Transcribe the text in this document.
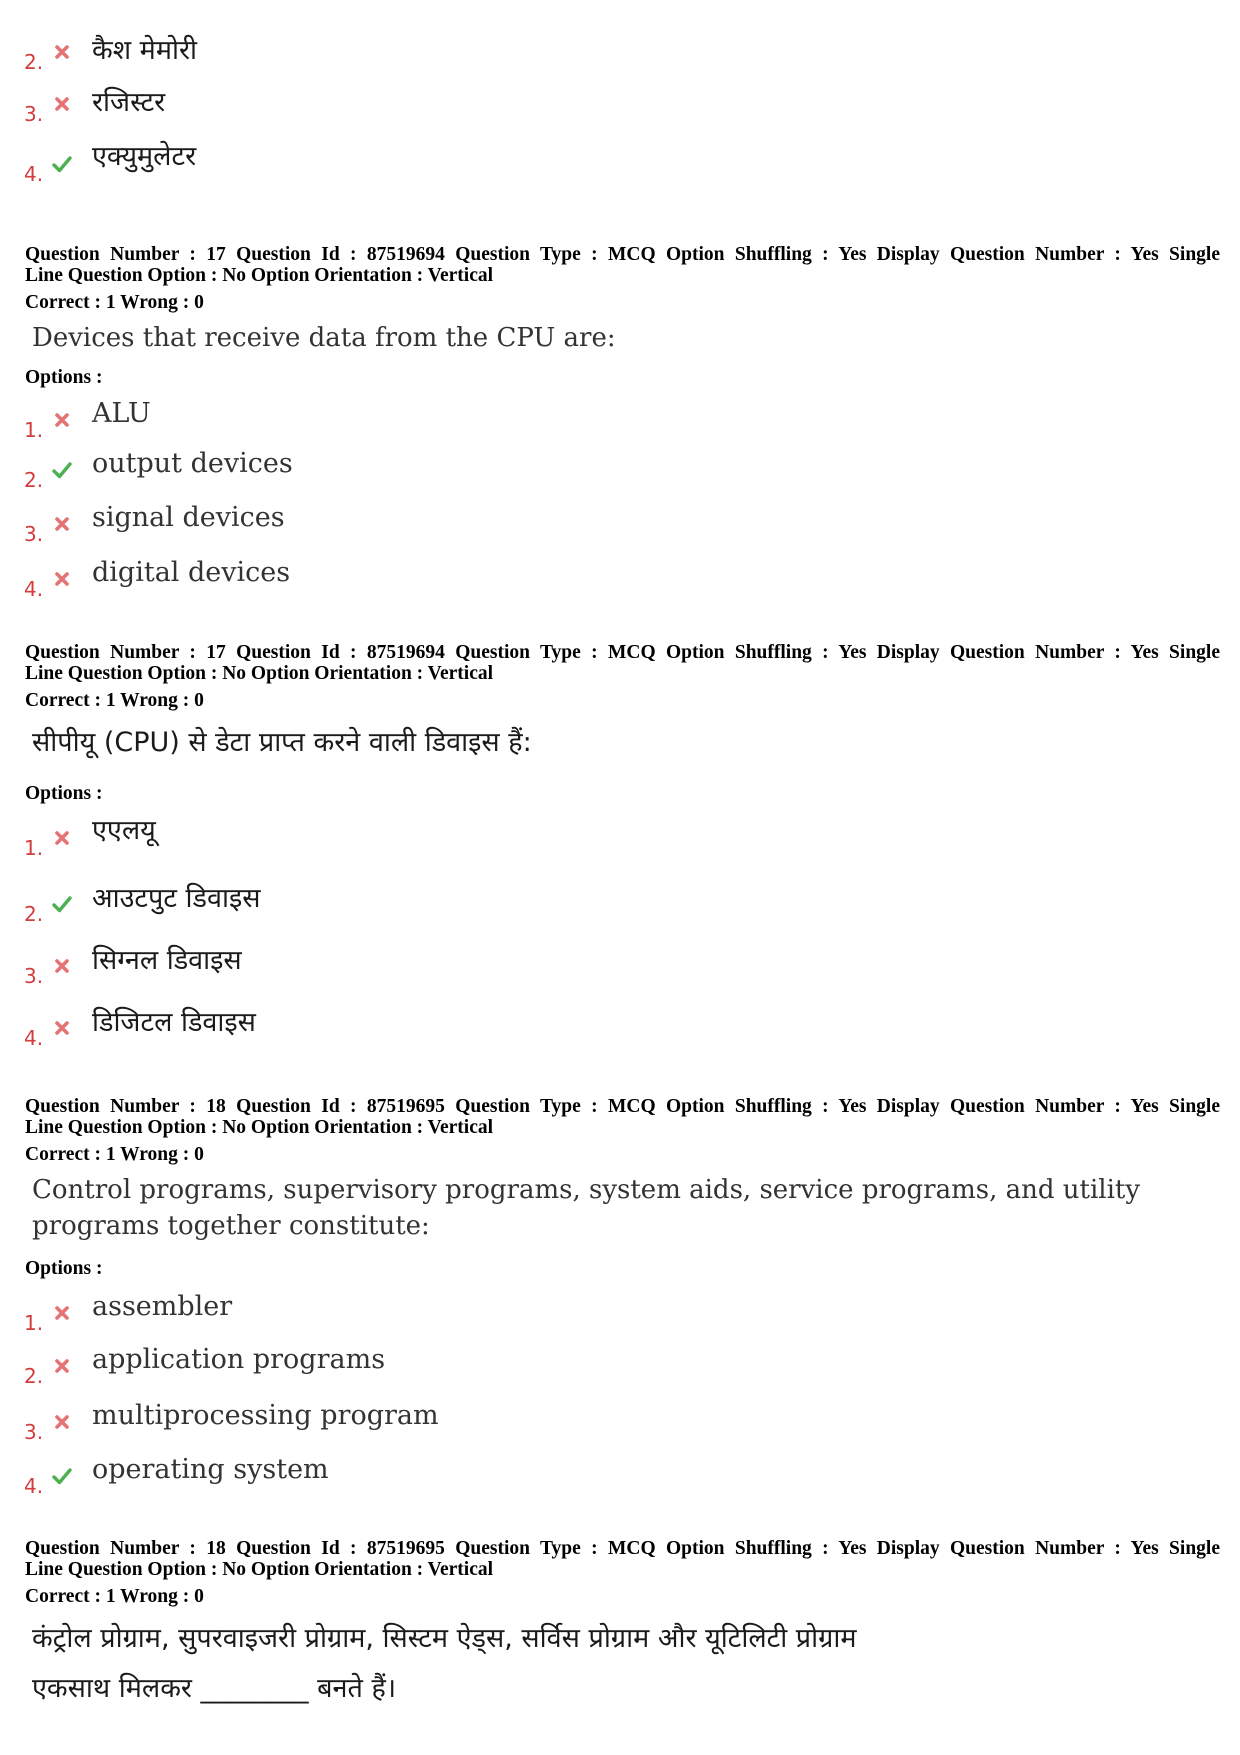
2. कैश मेमोरी
3. रजिस्टर
4.
एक्युमुलेटर
Question Number : 17 Question Id : 87519694 Question Type : MCQ Option Shuffling : Yes Display Question Number : Yes Single
Line Question Option : No Option Orientation : Vertical
Correct : 1 Wrong : 0
Devices that receive data from the CPU are:
Options :
1.
ALU
2.
output devices
3.
signal devices
4.
digital devices
Question Number : 17 Question Id : 87519694 Question Type : MCQ Option Shuffling : Yes Display Question Number : Yes Single
Line Question Option : No Option Orientation : Vertical
Correct : 1 Wrong : 0
सीपीयू (CPU) से डेटा प्राप्त करने वाली डिवाइस हैं:
Options :
1.
एएलयू
2. आउटपुट डिवाइस
3. सिग्नल डिवाइस
4. डिजिटल डिवाइस
Question Number : 18 Question Id : 87519695 Question Type : MCQ Option Shuffling : Yes Display Question Number : Yes Single
Line Question Option : No Option Orientation : Vertical
Correct : 1 Wrong : 0
Control programs, supervisory programs, system aids, service programs, and utility
programs together constitute:
Options :
1.
assembler
2.
application programs
3.
multiprocessing program
4.
operating system
Question Number : 18 Question Id : 87519695 Question Type : MCQ Option Shuffling : Yes Display Question Number : Yes Single
Line Question Option : No Option Orientation : Vertical
Correct : 1 Wrong : 0
कंट्रोल प्रोग्राम, सुपरवाइजरी प्रोग्राम, सिस्टम ऐड्स, सर्विस प्रोग्राम और यूटिलिटी प्रोग्राम
एकसाथ मिलकर ________ बनते हैं।
